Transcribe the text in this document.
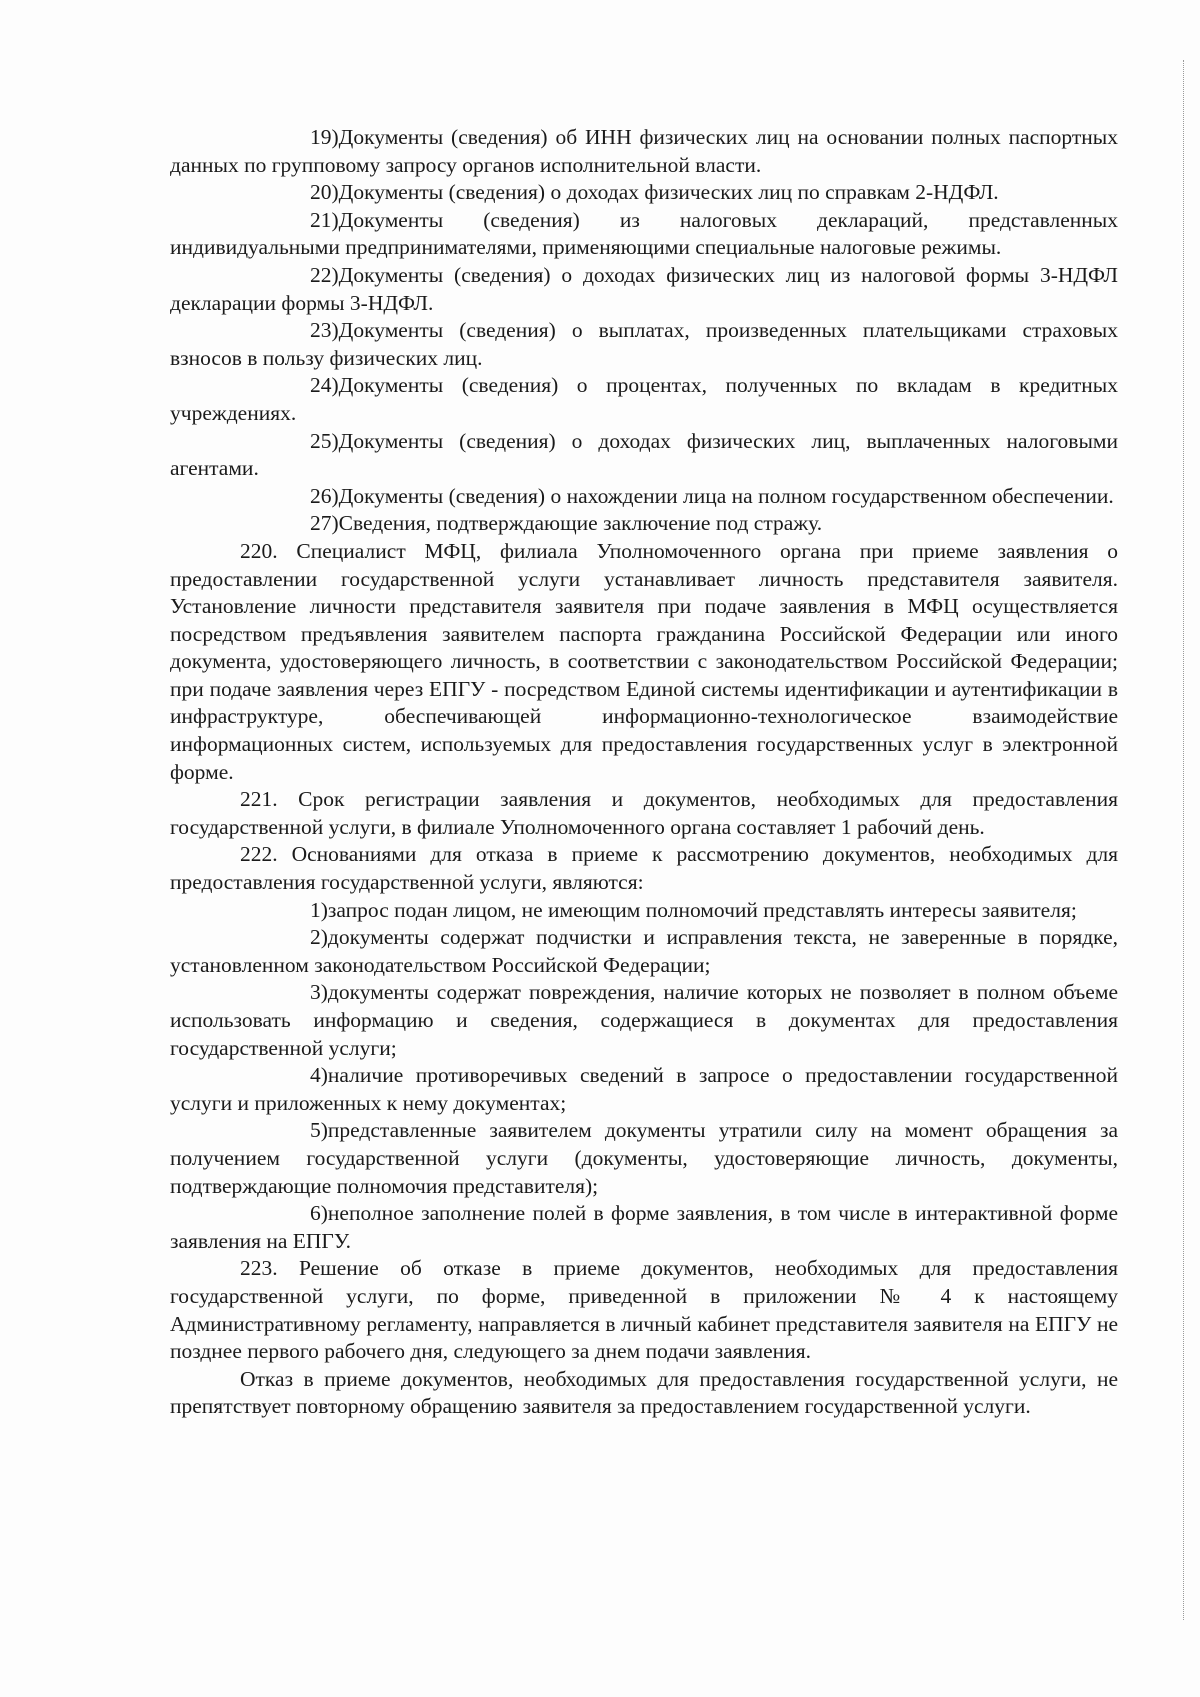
19)Документы (сведения) об ИНН физических лиц на основании полных паспортных данных по групповому запросу органов исполнительной власти.

20)Документы (сведения) о доходах физических лиц по справкам 2-НДФЛ.

21)Документы (сведения) из налоговых деклараций, представленных индивидуальными предпринимателями, применяющими специальные налоговые режимы.

22)Документы (сведения) о доходах физических лиц из налоговой формы 3-НДФЛ декларации формы 3-НДФЛ.

23)Документы (сведения) о выплатах, произведенных плательщиками страховых взносов в пользу физических лиц.

24)Документы (сведения) о процентах, полученных по вкладам в кредитных учреждениях.

25)Документы (сведения) о доходах физических лиц, выплаченных налоговыми агентами.

26)Документы (сведения) о нахождении лица на полном государственном обеспечении.

27)Сведения, подтверждающие заключение под стражу.

220. Специалист МФЦ, филиала Уполномоченного органа при приеме заявления о предоставлении государственной услуги устанавливает личность представителя заявителя. Установление личности представителя заявителя при подаче заявления в МФЦ осуществляется посредством предъявления заявителем паспорта гражданина Российской Федерации или иного документа, удостоверяющего личность, в соответствии с законодательством Российской Федерации; при подаче заявления через ЕПГУ - посредством Единой системы идентификации и аутентификации в инфраструктуре, обеспечивающей информационно-технологическое взаимодействие информационных систем, используемых для предоставления государственных услуг в электронной форме.

221. Срок регистрации заявления и документов, необходимых для предоставления государственной услуги, в филиале Уполномоченного органа составляет 1 рабочий день.

222. Основаниями для отказа в приеме к рассмотрению документов, необходимых для предоставления государственной услуги, являются:

1)запрос подан лицом, не имеющим полномочий представлять интересы заявителя;

2)документы содержат подчистки и исправления текста, не заверенные в порядке, установленном законодательством Российской Федерации;

3)документы содержат повреждения, наличие которых не позволяет в полном объеме использовать информацию и сведения, содержащиеся в документах для предоставления государственной услуги;

4)наличие противоречивых сведений в запросе о предоставлении государственной услуги и приложенных к нему документах;

5)представленные заявителем документы утратили силу на момент обращения за получением государственной услуги (документы, удостоверяющие личность, документы, подтверждающие полномочия представителя);

6)неполное заполнение полей в форме заявления, в том числе в интерактивной форме заявления на ЕПГУ.

223. Решение об отказе в приеме документов, необходимых для предоставления государственной услуги, по форме, приведенной в приложении № 4 к настоящему Административному регламенту, направляется в личный кабинет представителя заявителя на ЕПГУ не позднее первого рабочего дня, следующего за днем подачи заявления.

Отказ в приеме документов, необходимых для предоставления государственной услуги, не препятствует повторному обращению заявителя за предоставлением государственной услуги.
